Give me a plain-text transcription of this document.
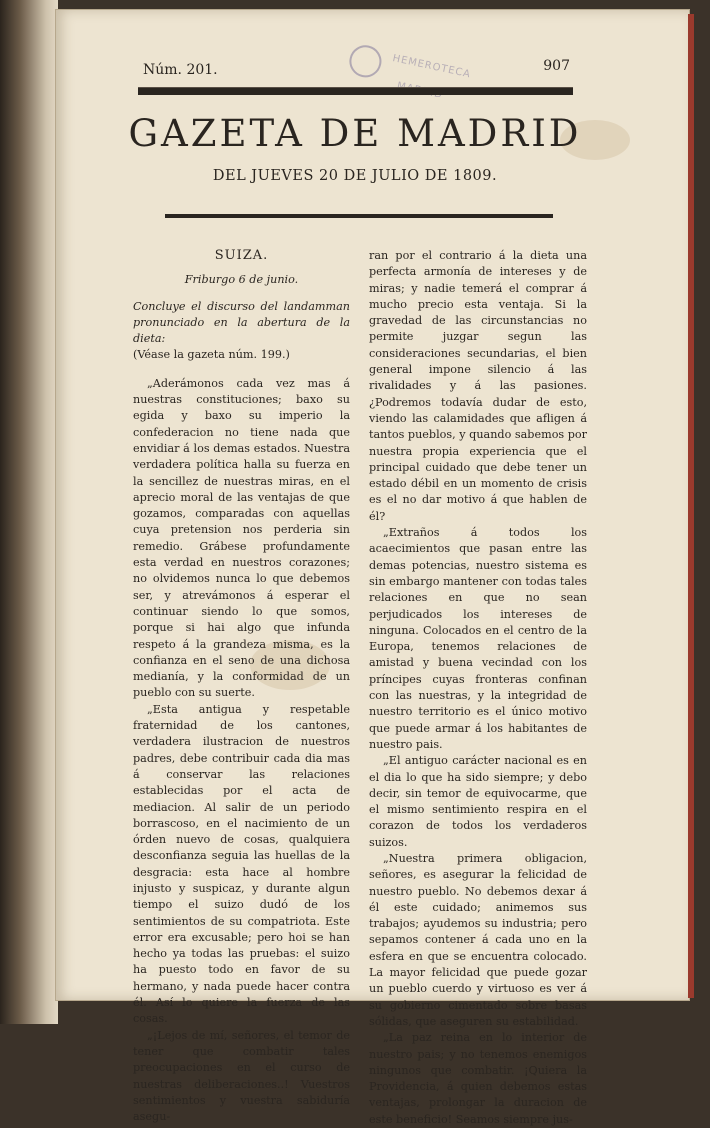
HEMEROTECA
Núm. 201.	907
GAZETA DE MADRID
DEL JUEVES 20 DE JULIO DE 1809.

SUIZA.

Friburgo 6 de junio.

Concluye el discurso del landamman pronunciado en la abertura de la dieta:

(Véase la gazeta núm. 199.)

„Aderámonos cada vez mas á nuestras constituciones; baxo su egida y baxo su imperio la confederacion no tiene nada que envidiar á los demas estados. Nuestra verdadera política halla su fuerza en la sencillez de nuestras miras, en el aprecio moral de las ventajas de que gozamos, comparadas con aquellas cuya pretension nos perderia sin remedio. Grábese profundamente esta verdad en nuestros corazones; no olvidemos nunca lo que debemos ser, y atrevámonos á esperar el continuar siendo lo que somos, porque si hai algo que infunda respeto á la grandeza misma, es la confianza en el seno de una dichosa medianía, y la conformidad de un pueblo con su suerte.

„Esta antigua y respetable fraternidad de los cantones, verdadera ilustracion de nuestros padres, debe contribuir cada dia mas á conservar las relaciones establecidas por el acta de mediacion. Al salir de un periodo borrascoso, en el nacimiento de un órden nuevo de cosas, qualquiera desconfianza seguia las huellas de la desgracia: esta hace al hombre injusto y suspicaz, y durante algun tiempo el suizo dudó de los sentimientos de su compatriota. Este error era excusable; pero hoi se han hecho ya todas las pruebas: el suizo ha puesto todo en favor de su hermano, y nada puede hacer contra él. Así lo quiere la fuerza de las cosas.

„¡Lejos de mí, señores, el temor de tener que combatir tales preocupaciones en el curso de nuestras deliberaciones..! Vuestros sentimientos y vuestra sabiduría asegu-

ran por el contrario á la dieta una perfecta armonía de intereses y de miras; y nadie temerá el comprar á mucho precio esta ventaja. Si la gravedad de las circunstancias no permite juzgar segun las consideraciones secundarias, el bien general impone silencio á las rivalidades y á las pasiones. ¿Podremos todavía dudar de esto, viendo las calamidades que afligen á tantos pueblos, y quando sabemos por nuestra propia experiencia que el principal cuidado que debe tener un estado débil en un momento de crisis es el no dar motivo á que hablen de él?

„Extraños á todos los acaecimientos que pasan entre las demas potencias, nuestro sistema es sin embargo mantener con todas tales relaciones en que no sean perjudicados los intereses de ninguna. Colocados en el centro de la Europa, tenemos relaciones de amistad y buena vecindad con los príncipes cuyas fronteras confinan con las nuestras, y la integridad de nuestro territorio es el único motivo que puede armar á los habitantes de nuestro pais.

„El antiguo carácter nacional es en el dia lo que ha sido siempre; y debo decir, sin temor de equivocarme, que el mismo sentimiento respira en el corazon de todos los verdaderos suizos.

„Nuestra primera obligacion, señores, es asegurar la felicidad de nuestro pueblo. No debemos dexar á él este cuidado; animemos sus trabajos; ayudemos su industria; pero sepamos contener á cada uno en la esfera en que se encuentra colocado. La mayor felicidad que puede gozar un pueblo cuerdo y virtuoso es ver á su gobierno cimentado sobre basas sólidas, que aseguren su estabilidad.

„La paz reina en lo interior de nuestro pais; y no tenemos enemigos ningunos que combatir. ¡Quiera la Providencia, á quien debemos estas ventajas, prolongar la duracion de este beneficio! Seamos siempre jus-
